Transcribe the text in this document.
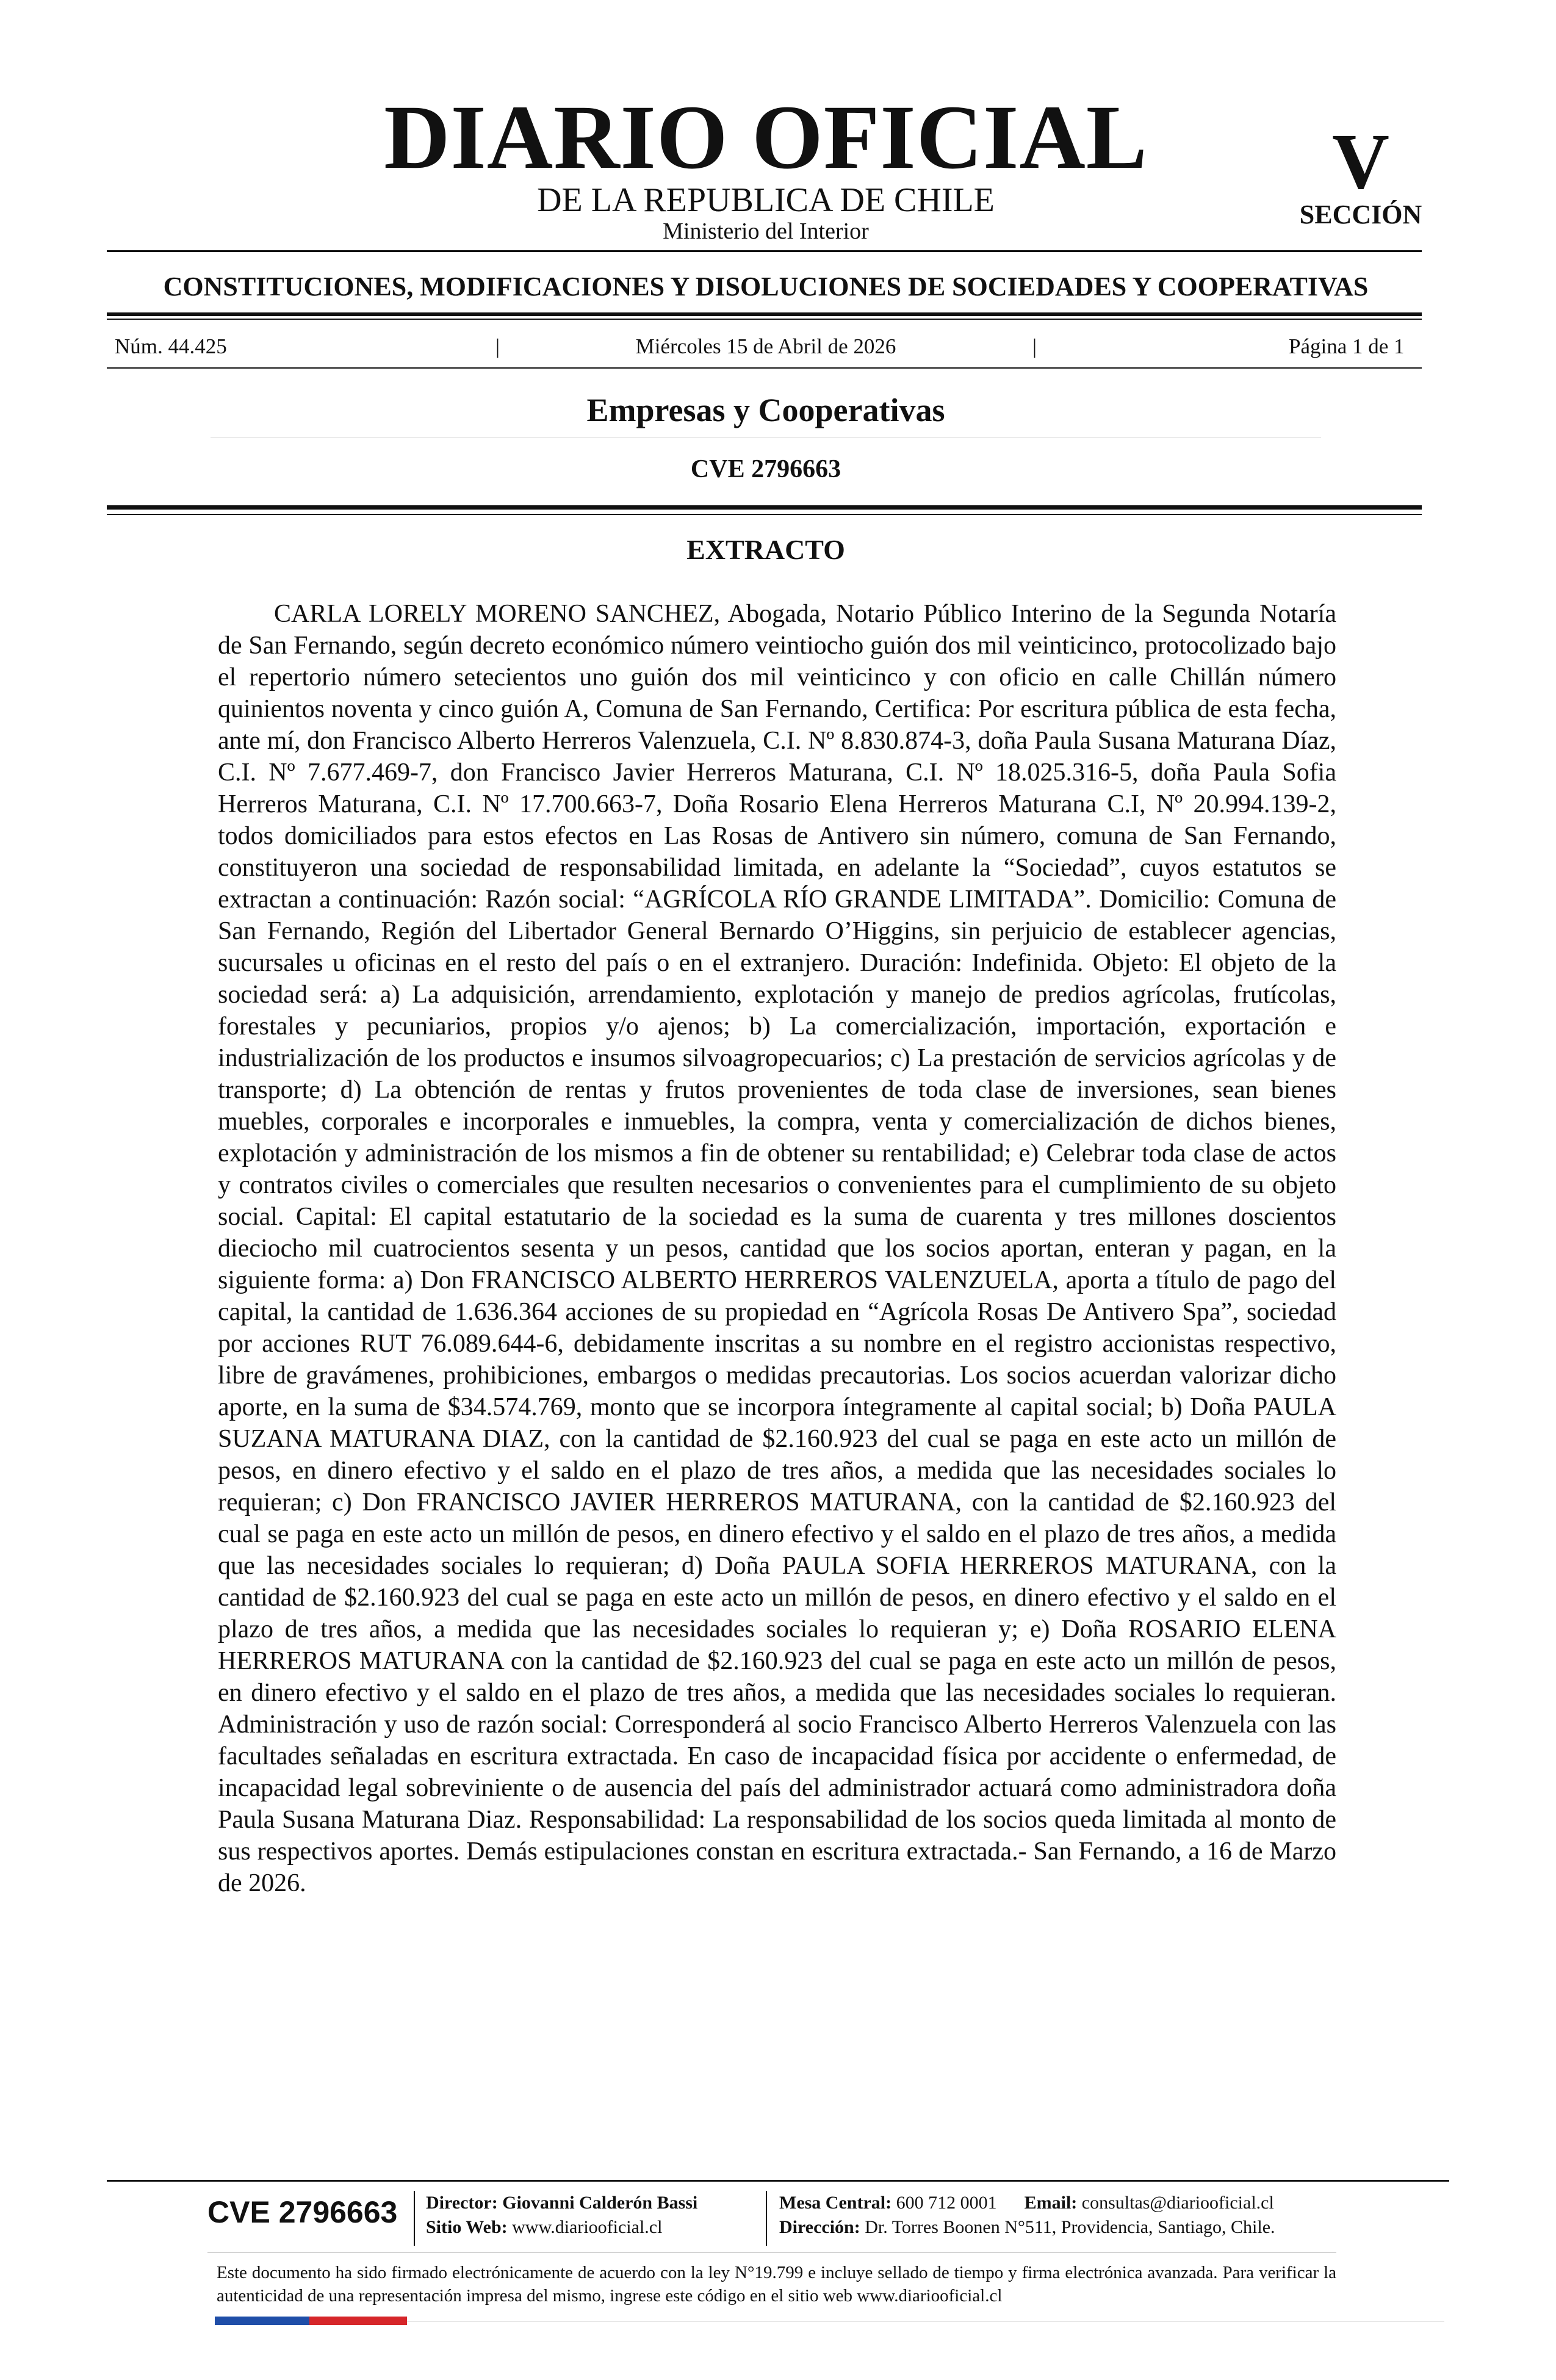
DIARIO OFICIAL
DE LA REPUBLICA DE CHILE
Ministerio del Interior
V
SECCIÓN
CONSTITUCIONES, MODIFICACIONES Y DISOLUCIONES DE SOCIEDADES Y COOPERATIVAS
Núm. 44.425	|	Miércoles 15 de Abril de 2026	|	Página 1 de 1
Empresas y Cooperativas
CVE 2796663
EXTRACTO

CARLA LORELY MORENO SANCHEZ, Abogada, Notario Público Interino de la Segunda Notaría de San Fernando, según decreto económico número veintiocho guión dos mil veinticinco, protocolizado bajo el repertorio número setecientos uno guión dos mil veinticinco y con oficio en calle Chillán número quinientos noventa y cinco guión A, Comuna de San Fernando, Certifica: Por escritura pública de esta fecha, ante mí, don Francisco Alberto Herreros Valenzuela, C.I. Nº 8.830.874-3, doña Paula Susana Maturana Díaz, C.I. Nº 7.677.469-7, don Francisco Javier Herreros Maturana, C.I. Nº 18.025.316-5, doña Paula Sofia Herreros Maturana, C.I. Nº 17.700.663-7, Doña Rosario Elena Herreros Maturana C.I, Nº 20.994.139-2, todos domiciliados para estos efectos en Las Rosas de Antivero sin número, comuna de San Fernando, constituyeron una sociedad de responsabilidad limitada, en adelante la “Sociedad”, cuyos estatutos se extractan a continuación: Razón social: “AGRÍCOLA RÍO GRANDE LIMITADA”. Domicilio: Comuna de San Fernando, Región del Libertador General Bernardo O’Higgins, sin perjuicio de establecer agencias, sucursales u oficinas en el resto del país o en el extranjero. Duración: Indefinida. Objeto: El objeto de la sociedad será: a) La adquisición, arrendamiento, explotación y manejo de predios agrícolas, frutícolas, forestales y pecuniarios, propios y/o ajenos; b) La comercialización, importación, exportación e industrialización de los productos e insumos silvoagropecuarios; c) La prestación de servicios agrícolas y de transporte; d) La obtención de rentas y frutos provenientes de toda clase de inversiones, sean bienes muebles, corporales e incorporales e inmuebles, la compra, venta y comercialización de dichos bienes, explotación y administración de los mismos a fin de obtener su rentabilidad; e) Celebrar toda clase de actos y contratos civiles o comerciales que resulten necesarios o convenientes para el cumplimiento de su objeto social. Capital: El capital estatutario de la sociedad es la suma de cuarenta y tres millones doscientos dieciocho mil cuatrocientos sesenta y un pesos, cantidad que los socios aportan, enteran y pagan, en la siguiente forma: a) Don FRANCISCO ALBERTO HERREROS VALENZUELA, aporta a título de pago del capital, la cantidad de 1.636.364 acciones de su propiedad en “Agrícola Rosas De Antivero Spa”, sociedad por acciones RUT 76.089.644-6, debidamente inscritas a su nombre en el registro accionistas respectivo, libre de gravámenes, prohibiciones, embargos o medidas precautorias. Los socios acuerdan valorizar dicho aporte, en la suma de $34.574.769, monto que se incorpora íntegramente al capital social; b) Doña PAULA SUZANA MATURANA DIAZ, con la cantidad de $2.160.923 del cual se paga en este acto un millón de pesos, en dinero efectivo y el saldo en el plazo de tres años, a medida que las necesidades sociales lo requieran; c) Don FRANCISCO JAVIER HERREROS MATURANA, con la cantidad de $2.160.923 del cual se paga en este acto un millón de pesos, en dinero efectivo y el saldo en el plazo de tres años, a medida que las necesidades sociales lo requieran; d) Doña PAULA SOFIA HERREROS MATURANA, con la cantidad de $2.160.923 del cual se paga en este acto un millón de pesos, en dinero efectivo y el saldo en el plazo de tres años, a medida que las necesidades sociales lo requieran y; e) Doña ROSARIO ELENA HERREROS MATURANA con la cantidad de $2.160.923 del cual se paga en este acto un millón de pesos, en dinero efectivo y el saldo en el plazo de tres años, a medida que las necesidades sociales lo requieran. Administración y uso de razón social: Corresponderá al socio Francisco Alberto Herreros Valenzuela con las facultades señaladas en escritura extractada. En caso de incapacidad física por accidente o enfermedad, de incapacidad legal sobreviniente o de ausencia del país del administrador actuará como administradora doña Paula Susana Maturana Diaz. Responsabilidad: La responsabilidad de los socios queda limitada al monto de sus respectivos aportes. Demás estipulaciones constan en escritura extractada.- San Fernando, a 16 de Marzo de 2026.

CVE 2796663 Director: Giovanni Calderón Bassi
Sitio Web: www.diariooficial.cl
Mesa Central: 600 712 0001 Email: consultas@diariooficial.cl
Dirección: Dr. Torres Boonen N°511, Providencia, Santiago, Chile.

Este documento ha sido firmado electrónicamente de acuerdo con la ley N°19.799 e incluye sellado de tiempo y firma electrónica avanzada. Para verificar la autenticidad de una representación impresa del mismo, ingrese este código en el sitio web www.diariooficial.cl
